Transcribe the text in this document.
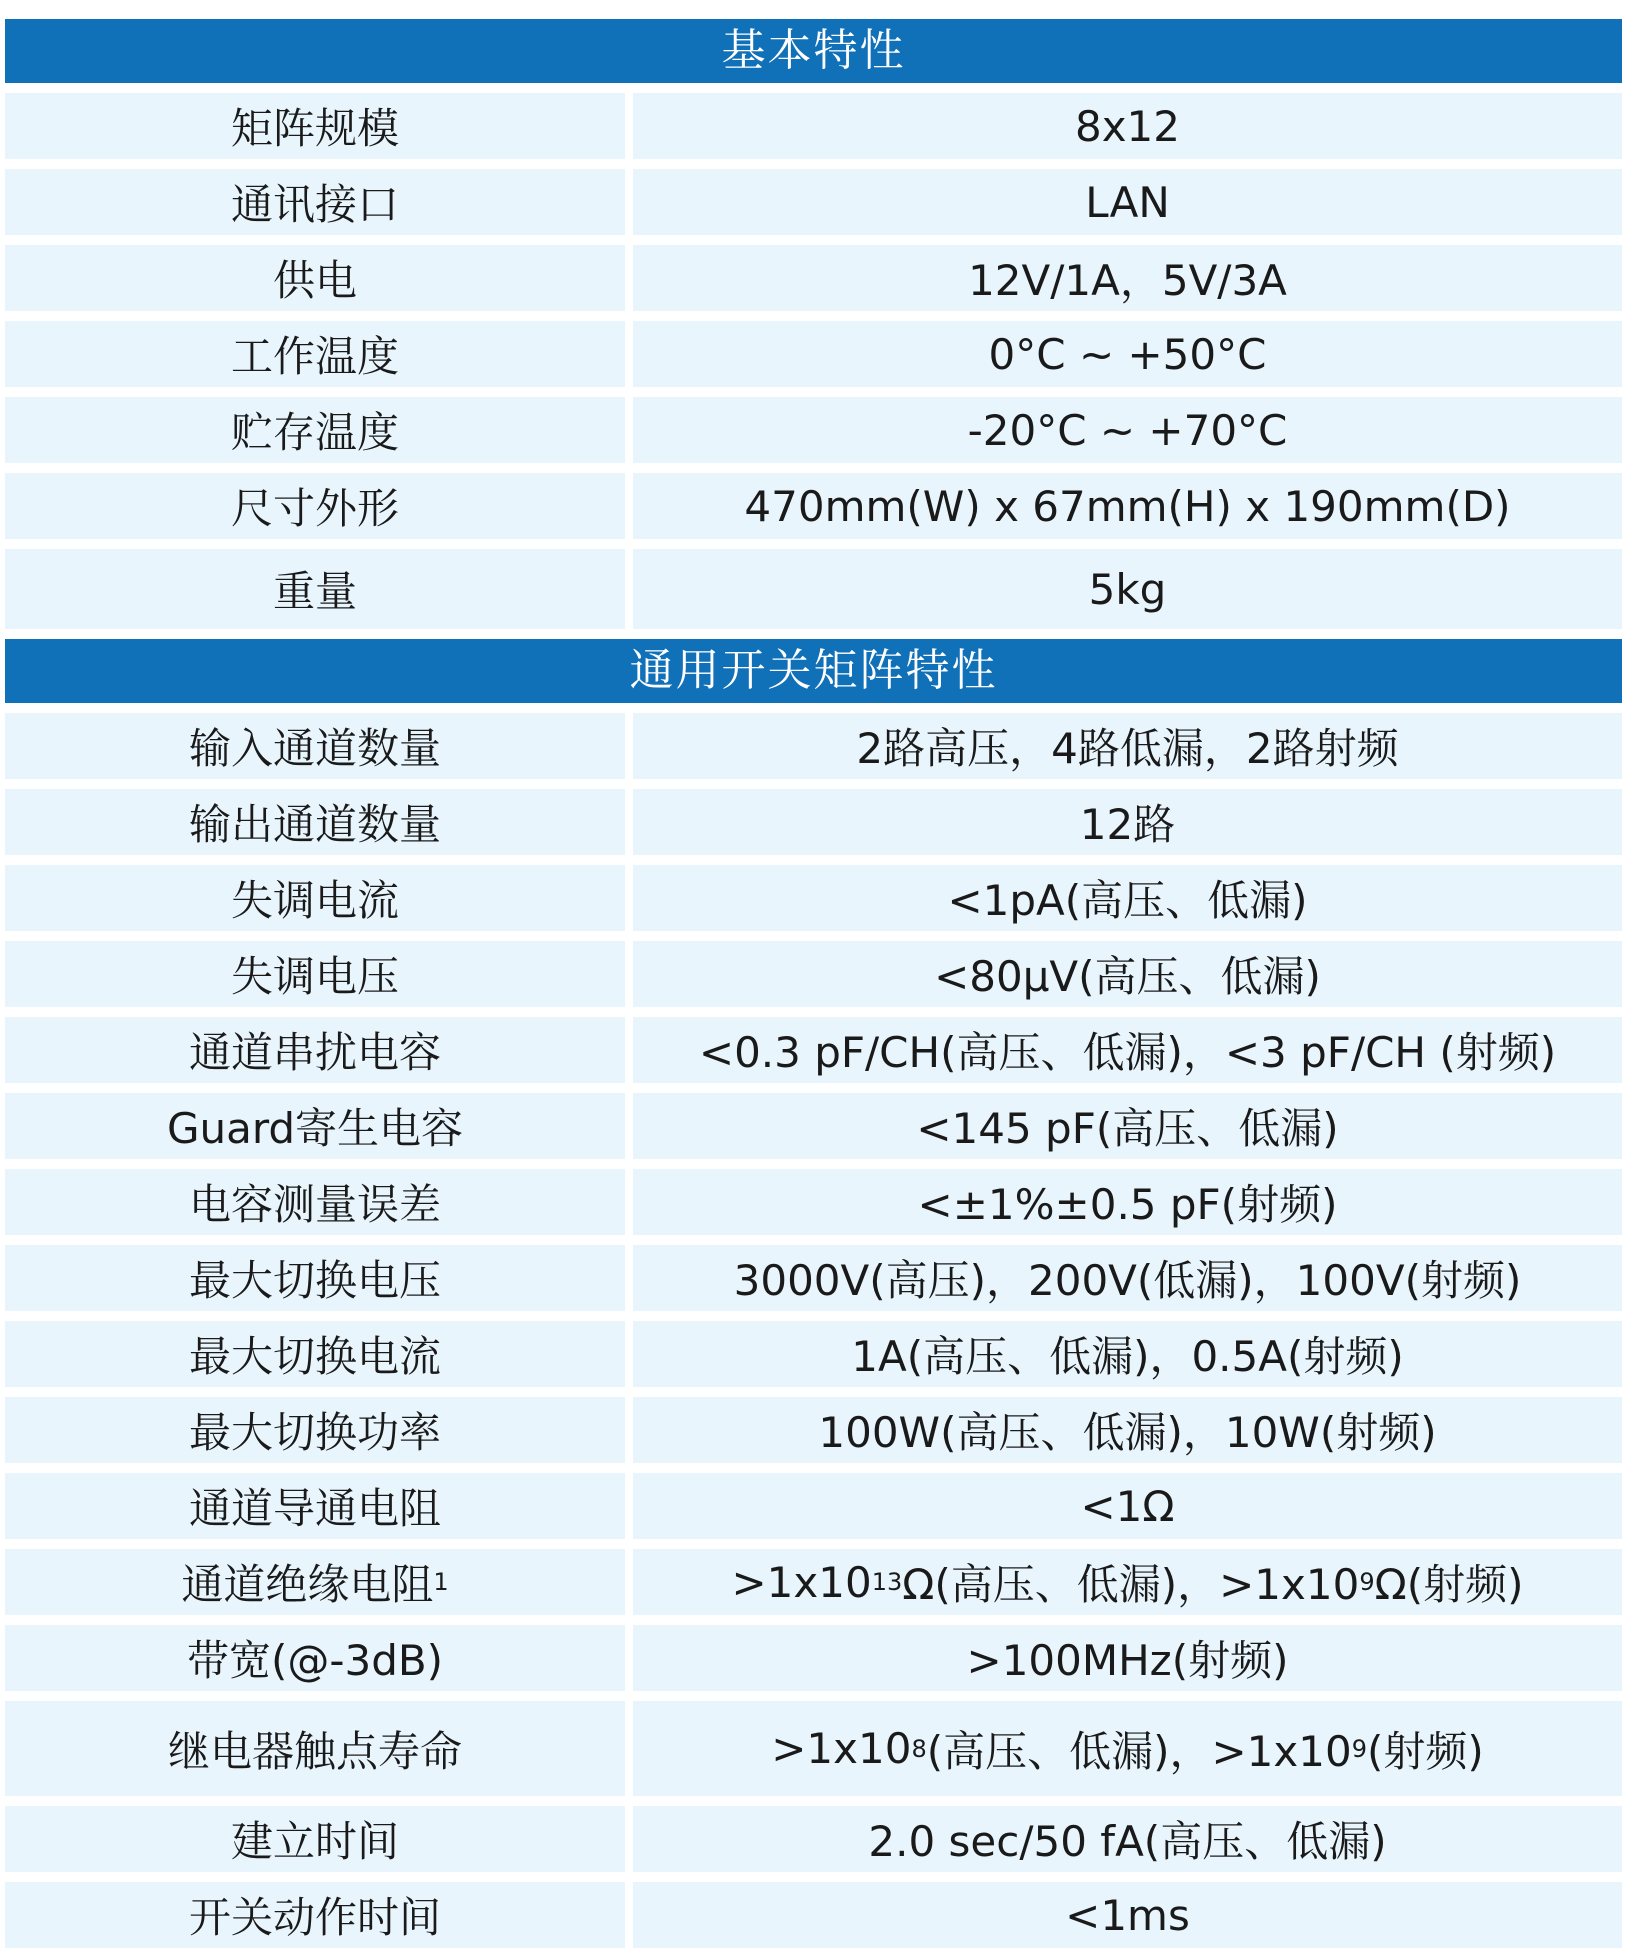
基本特性
矩阵规模	8x12
通讯接口	LAN
供电	12V/1A，5V/3A
工作温度	0°C ~ +50°C
贮存温度	-20°C ~ +70°C
尺寸外形	470mm(W) x 67mm(H) x 190mm(D)
重量	5kg
通用开关矩阵特性
输入通道数量	2路高压，4路低漏，2路射频
输出通道数量	12路
失调电流	<1pA(高压、低漏)
失调电压	<80μV(高压、低漏)
通道串扰电容	<0.3 pF/CH(高压、低漏)，<3 pF/CH (射频)
Guard寄生电容	<145 pF(高压、低漏)
电容测量误差	<±1%±0.5 pF(射频)
最大切换电压	3000V(高压)，200V(低漏)，100V(射频)
最大切换电流	1A(高压、低漏)，0.5A(射频)
最大切换功率	100W(高压、低漏)，10W(射频)
通道导通电阻	<1Ω
通道绝缘电阻 1	>1x10 13 Ω(高压、低漏)，>1x10 9 Ω(射频)
带宽(@-3dB)	>100MHz(射频)
继电器触点寿命	>1x10 8 (高压、低漏)，>1x10 9 (射频)
建立时间	2.0 sec/50 fA(高压、低漏)
开关动作时间	<1ms
